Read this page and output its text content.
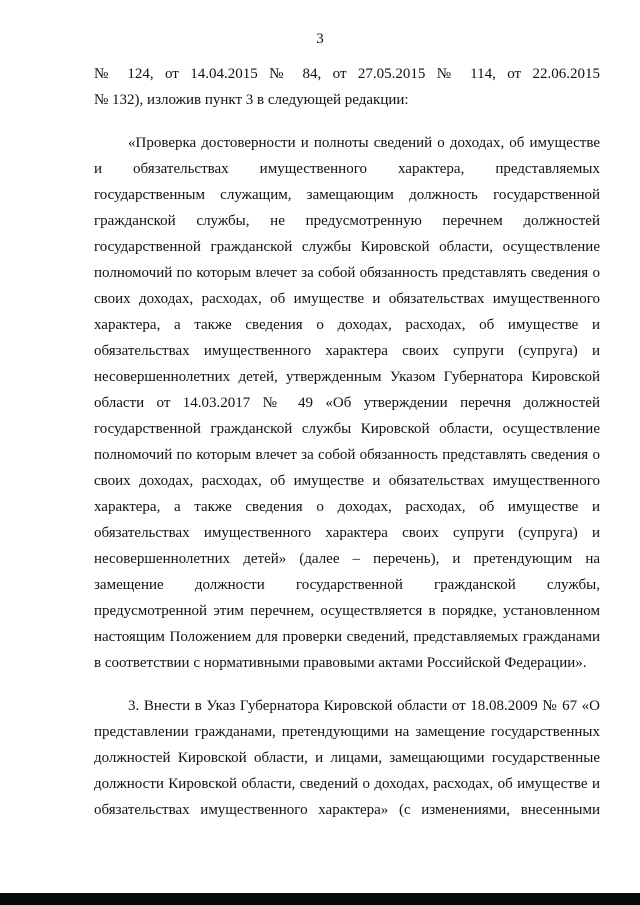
3
№ 124, от 14.04.2015 № 84, от 27.05.2015 № 114, от 22.06.2015
№ 132), изложив пункт 3 в следующей редакции:
«Проверка достоверности и полноты сведений о доходах, об имуществе
и обязательствах имущественного характера, представляемых
государственным служащим, замещающим должность государственной
гражданской службы, не предусмотренную перечнем должностей
государственной гражданской службы Кировской области, осуществление
полномочий по которым влечет за собой обязанность представлять сведения о
своих доходах, расходах, об имуществе и обязательствах имущественного
характера, а также сведения о доходах, расходах, об имуществе и
обязательствах имущественного характера своих супруги (супруга) и
несовершеннолетних детей, утвержденным Указом Губернатора Кировской
области от 14.03.2017 № 49 «Об утверждении перечня должностей
государственной гражданской службы Кировской области, осуществление
полномочий по которым влечет за собой обязанность представлять сведения о
своих доходах, расходах, об имуществе и обязательствах имущественного
характера, а также сведения о доходах, расходах, об имуществе и
обязательствах имущественного характера своих супруги (супруга) и
несовершеннолетних детей» (далее – перечень), и претендующим на
замещение должности государственной гражданской службы,
предусмотренной этим перечнем, осуществляется в порядке, установленном
настоящим Положением для проверки сведений, представляемых гражданами
в соответствии с нормативными правовыми актами Российской Федерации».
3. Внести в Указ Губернатора Кировской области от 18.08.2009 № 67 «О
представлении гражданами, претендующими на замещение государственных
должностей Кировской области, и лицами, замещающими государственные
должности Кировской области, сведений о доходах, расходах, об имуществе и
обязательствах имущественного характера» (с изменениями, внесенными
